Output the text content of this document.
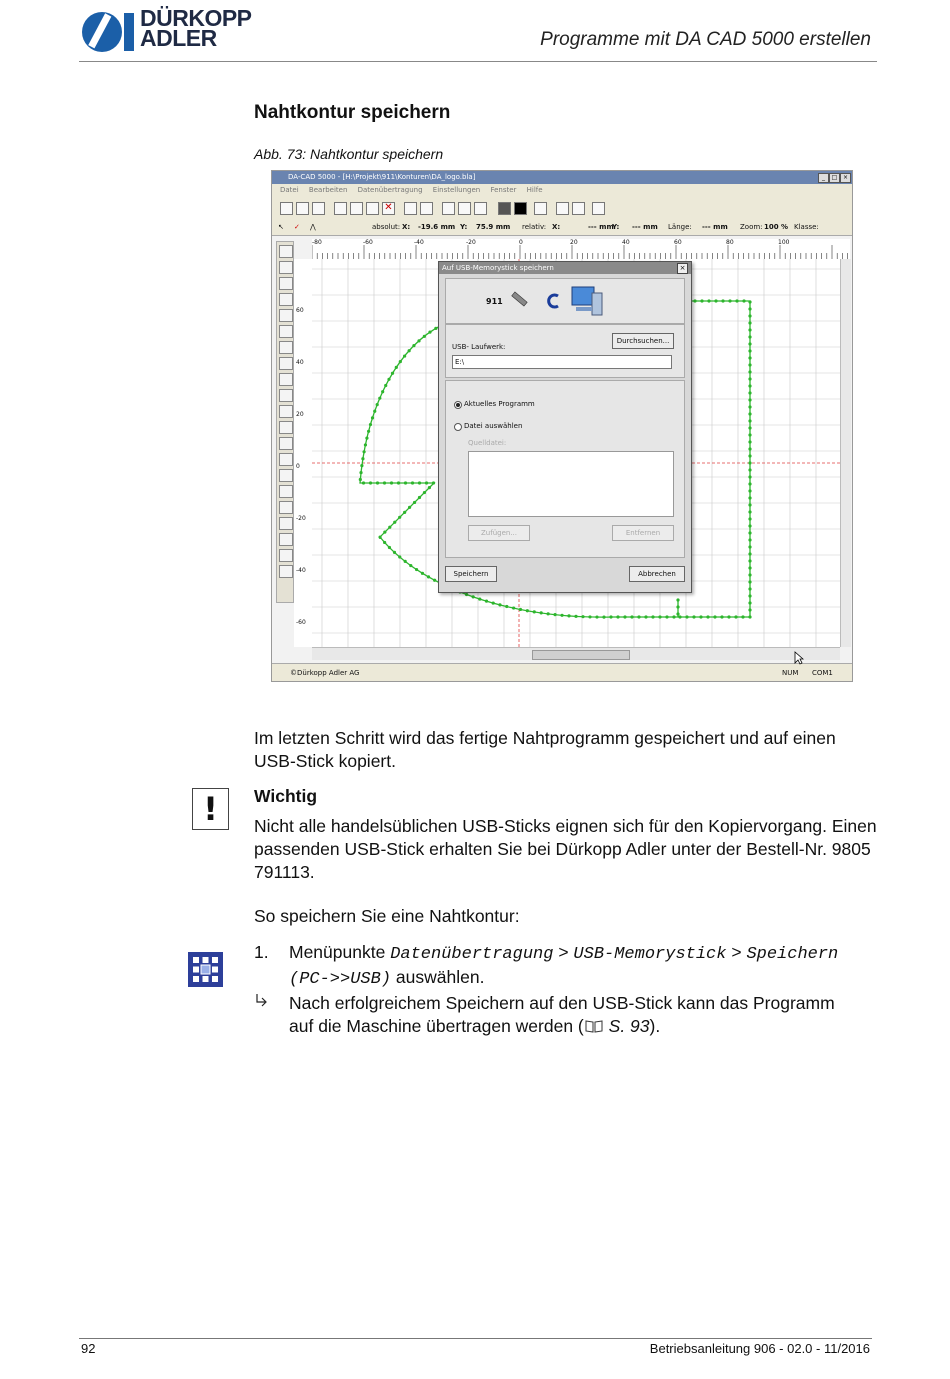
DÜRKOPP
ADLER	Programme mit DA CAD 5000 erstellen
Nahtkontur speichern
Abb. 73: Nahtkontur speichern
DA-CAD 5000 - [H:\Projekt\911\Konturen\DA_logo.bla]	_	□ ×
Datei Bearbeiten Datenübertragung Einstellungen Fenster Hilfe
✕
↖ ✓ ⋀	absolut: X: -19.6 mm Y: 75.9 mm relativ: X:	--- mm
Y: --- mm Länge: --- mm Zoom: 100 % Klasse:
-80	-60	-40	-20	0	20	40	60	80	100
60
40
20
0
-20
-40
-60
©Dürkopp Adler AG	NUM COM1
Auf USB-Memorystick speichern	×
911
USB- Laufwerk:
Durchsuchen...
E:\
Aktuelles Programm
Datei auswählen
Quelldatei:
Zufügen...	Entfernen
Speichern	Abbrechen
Im letzten Schritt wird das fertige Nahtprogramm gespeichert und auf einen USB-Stick kopiert.
!	Wichtig
Nicht alle handelsüblichen USB-Sticks eignen sich für den Kopiervorgang. Einen passenden USB-Stick erhalten Sie bei Dürkopp Adler unter der Bestell-Nr. 9805 791113.
So speichern Sie eine Nahtkontur:
1. Menüpunkte Datenübertragung > USB-Memorystick > Speichern (PC->>USB) auswählen.
Nach erfolgreichem Speichern auf den USB-Stick kann das Programm auf die Maschine übertragen werden ( S. 93).
92	Betriebsanleitung 906 - 02.0 - 11/2016
